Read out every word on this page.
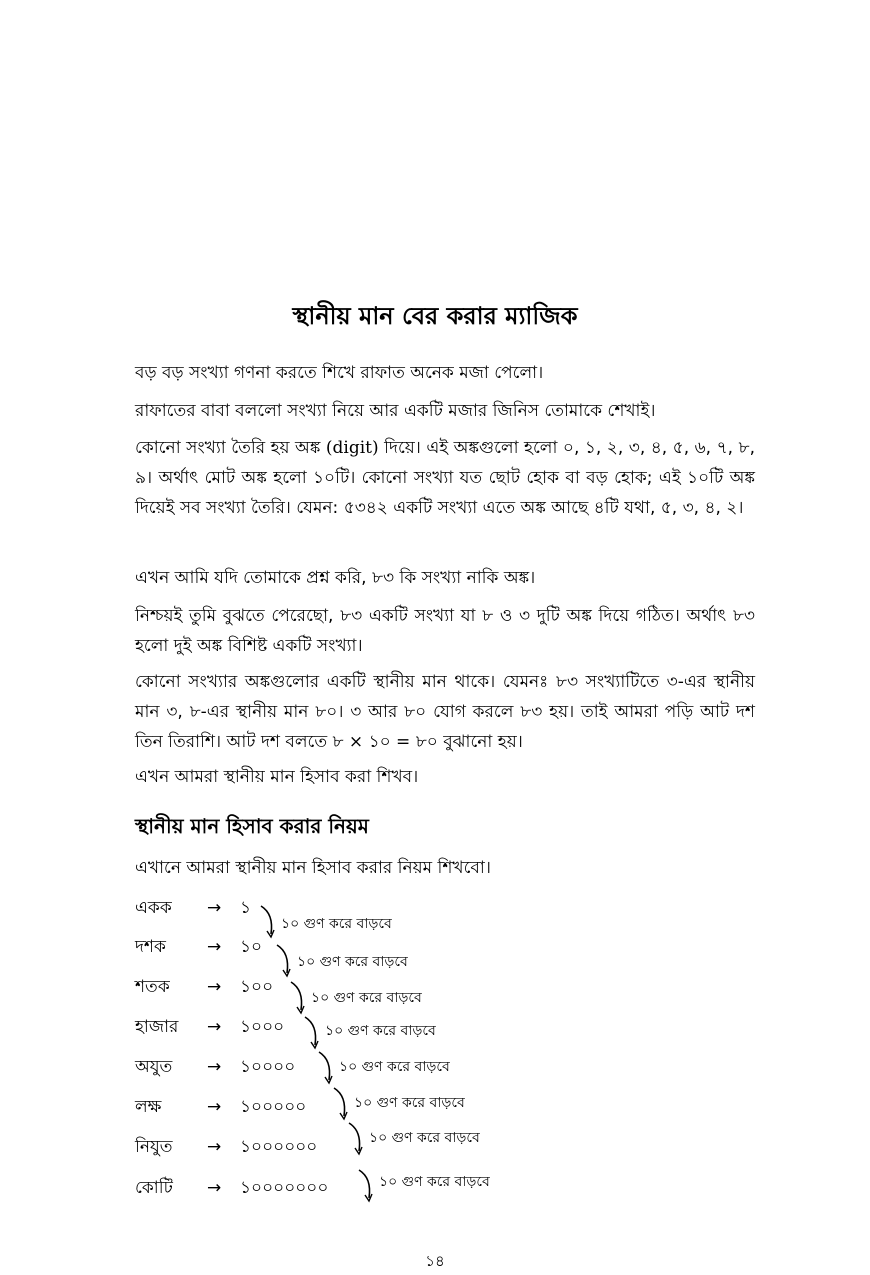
স্থানীয় মান বের করার ম্যাজিক

বড় বড় সংখ্যা গণনা করতে শিখে রাফাত অনেক মজা পেলো।

রাফাতের বাবা বললো সংখ্যা নিয়ে আর একটি মজার জিনিস তোমাকে শেখাই।

কোনো সংখ্যা তৈরি হয় অঙ্ক (digit) দিয়ে। এই অঙ্কগুলো হলো ০, ১, ২, ৩, ৪, ৫, ৬, ৭, ৮, ৯। অর্থাৎ মোট অঙ্ক হলো ১০টি। কোনো সংখ্যা যত ছোট হোক বা বড় হোক; এই ১০টি অঙ্ক দিয়েই সব সংখ্যা তৈরি। যেমন: ৫৩৪২ একটি সংখ্যা এতে অঙ্ক আছে ৪টি যথা, ৫, ৩, ৪, ২।

এখন আমি যদি তোমাকে প্রশ্ন করি, ৮৩ কি সংখ্যা নাকি অঙ্ক।

নিশ্চয়ই তুমি বুঝতে পেরেছো, ৮৩ একটি সংখ্যা যা ৮ ও ৩ দুটি অঙ্ক দিয়ে গঠিত। অর্থাৎ ৮৩ হলো দুই অঙ্ক বিশিষ্ট একটি সংখ্যা।

কোনো সংখ্যার অঙ্কগুলোর একটি স্থানীয় মান থাকে। যেমনঃ ৮৩ সংখ্যাটিতে ৩-এর স্থানীয় মান ৩, ৮-এর স্থানীয় মান ৮০। ৩ আর ৮০ যোগ করলে ৮৩ হয়। তাই আমরা পড়ি আট দশ তিন তিরাশি। আট দশ বলতে ৮ × ১০ = ৮০ বুঝানো হয়।

এখন আমরা স্থানীয় মান হিসাব করা শিখব।

স্থানীয় মান হিসাব করার নিয়ম

এখানে আমরা স্থানীয় মান হিসাব করার নিয়ম শিখবো।

একক → ১
দশক → ১০
শতক → ১০০
হাজার → ১০০০
অযুত → ১০০০০
লক্ষ	→ ১০০০০০
নিযুত → ১০০০০০০
কোটি → ১০০০০০০০
১০ গুণ করে বাড়বে
১০ গুণ করে বাড়বে
১০ গুণ করে বাড়বে
১০ গুণ করে বাড়বে
১০ গুণ করে বাড়বে
১০ গুণ করে বাড়বে
১০ গুণ করে বাড়বে
১০ গুণ করে বাড়বে
১৪
